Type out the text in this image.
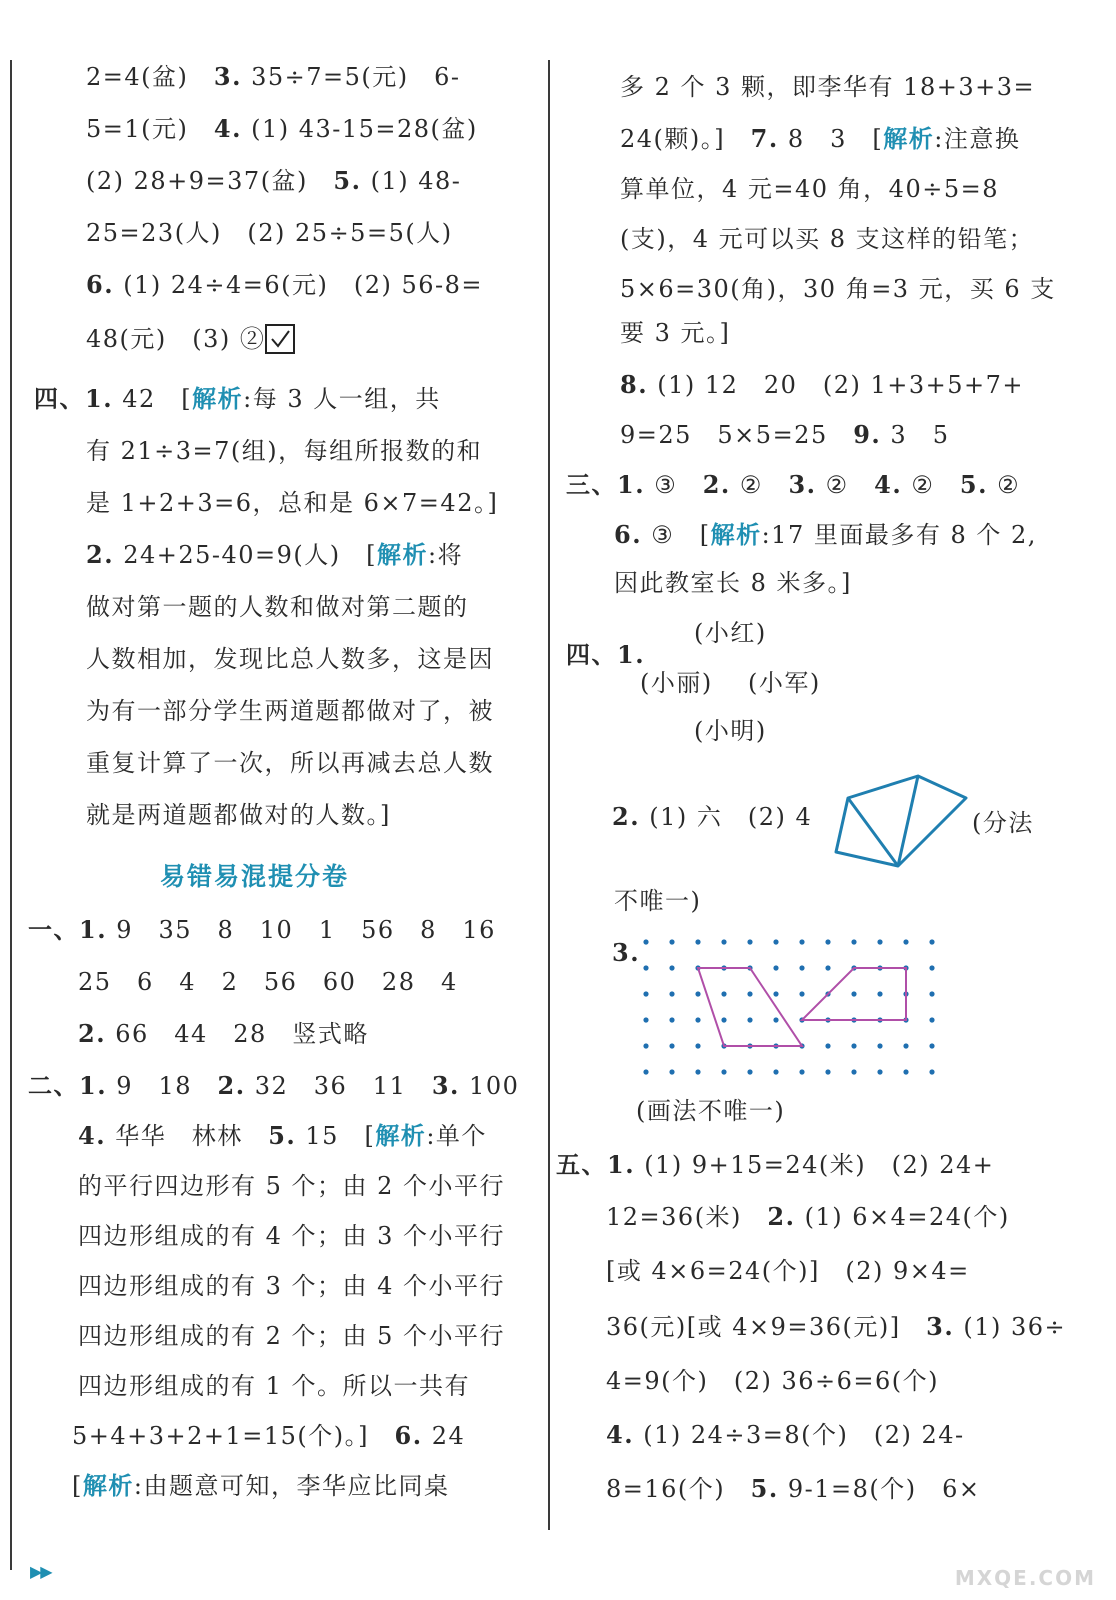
2=4(盆)　 3. 35÷7=5(元)　 6-
5=1(元)　 4. (1) 43-15=28(盆)
(2) 28+9=37(盆)　 5. (1) 48-
25=23(人)　(2) 25÷5=5(人)
6. (1) 24÷4=6(元)　(2) 56-8=
48(元)　(3) ②
四、1. 42　[解析:每 3 人一组，共
有 21÷3=7(组)，每组所报数的和
是 1+2+3=6，总和是 6×7=42。]
2. 24+25-40=9(人)　[解析:将
做对第一题的人数和做对第二题的
人数相加，发现比总人数多，这是因
为有一部分学生两道题都做对了，被
重复计算了一次，所以再减去总人数
就是两道题都做对的人数。]
易错易混提分卷
一、1. 9　35　8　10　1　56　8　16
25　6　4　2　56　60　28　4
2. 66　44　28　竖式略
二、1. 9　18　 2. 32　36　11　 3. 100
4. 华华　林林　 5. 15　[解析:单个
的平行四边形有 5 个；由 2 个小平行
四边形组成的有 4 个；由 3 个小平行
四边形组成的有 3 个；由 4 个小平行
四边形组成的有 2 个；由 5 个小平行
四边形组成的有 1 个。所以一共有
5+4+3+2+1=15(个)。]　 6. 24
[解析:由题意可知，李华应比同桌
多 2 个 3 颗，即李华有 18+3+3=
24(颗)。]　 7. 8　3　[解析:注意换
算单位，4 元=40 角，40÷5=8
(支)，4 元可以买 8 支这样的铅笔；
5×6=30(角)，30 角=3 元，买 6 支
要 3 元。]
8. (1) 12　20　(2) 1+3+5+7+
9=25　5×5=25　 9. 3　5
三、1. ③　 2. ②　 3. ②　 4. ②　 5. ②
6. ③　[解析:17 里面最多有 8 个 2,
因此教室长 8 米多。]
四、1.
(小红)
(小丽) (小军)
(小明)
2. (1) 六　(2) 4	(分法
不唯一)
3.
(画法不唯一)
五、1. (1) 9+15=24(米)　(2) 24+
12=36(米)　 2. (1) 6×4=24(个)
[或 4×6=24(个)]　(2) 9×4=
36(元)[或 4×9=36(元)]　 3. (1) 36÷
4=9(个)　(2) 36÷6=6(个)
4. (1) 24÷3=8(个)　(2) 24-
8=16(个)　 5. 9-1=8(个)　6×
▶▶	MXQE.COM
